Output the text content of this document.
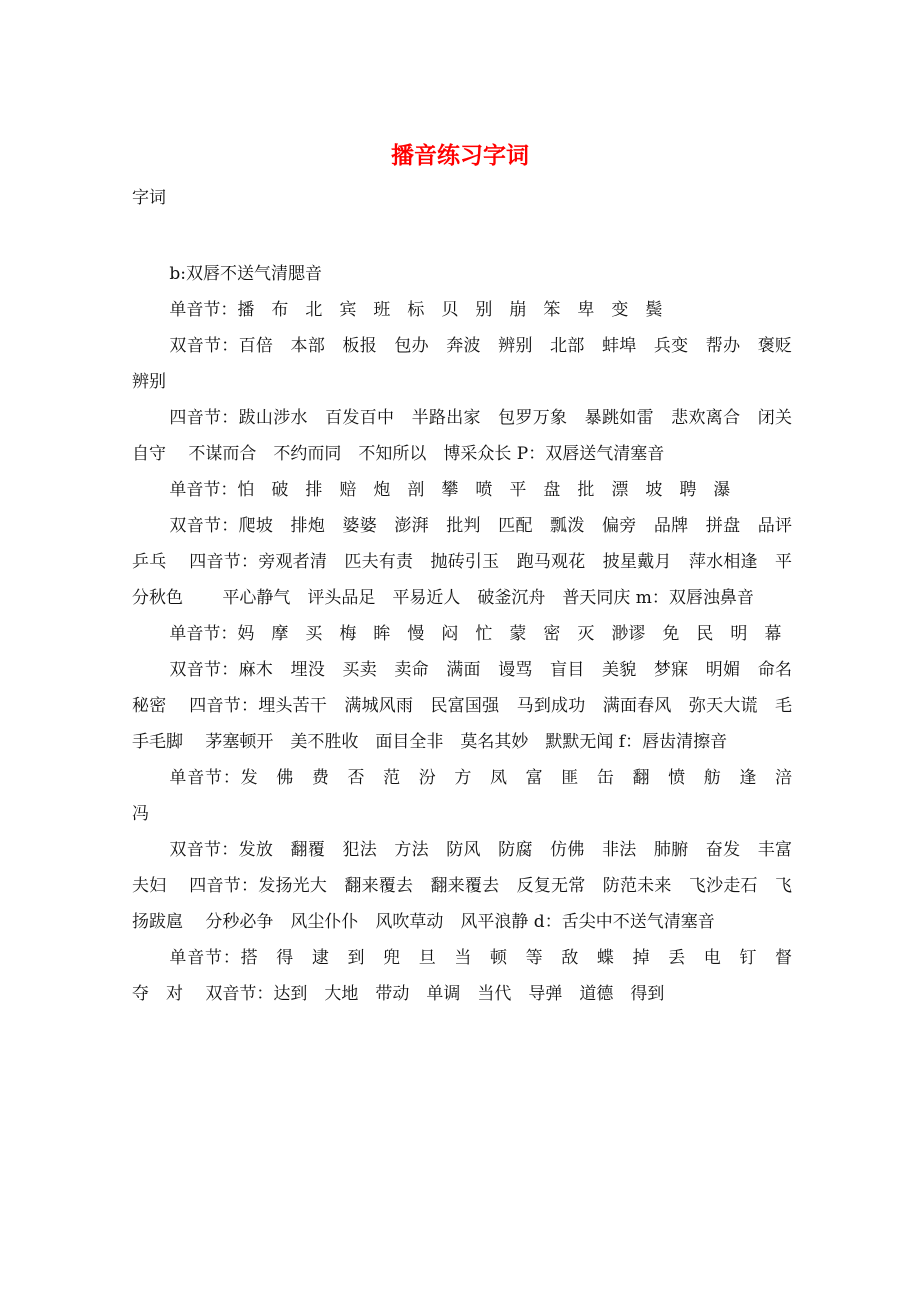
播音练习字词
字词

b:双唇不送气清腮音

单音节：播　布　北　宾　班　标　贝　别　崩　笨　卑　变　鬓

双音节：百倍　本部　板报　包办　奔波　辨别　北部　蚌埠　兵变　帮办　褒贬　辨别

四音节：跋山涉水　百发百中　半路出家　包罗万象　暴跳如雷　悲欢离合　闭关自守　 不谋而合　不约而同　不知所以　博采众长 P：双唇送气清塞音

单音节：怕　破　排　赔　炮　剖　攀　喷　平　盘　批　漂　坡　聘　瀑

双音节：爬坡　排炮　婆婆　澎湃　批判　匹配　瓢泼　偏旁　品牌　拼盘　品评　乒乓　 四音节：旁观者清　匹夫有责　抛砖引玉　跑马观花　披星戴月　萍水相逢　平分秋色　　 平心静气　评头品足　平易近人　破釜沉舟　普天同庆 m：双唇浊鼻音

单音节：妈　摩　买　梅　眸　慢　闷　忙　蒙　密　灭　渺谬　免　民　明　幕

双音节：麻木　埋没　买卖　卖命　满面　谩骂　盲目　美貌　梦寐　明媚　命名　秘密　 四音节：埋头苦干　满城风雨　民富国强　马到成功　满面春风　弥天大谎　毛手毛脚　 茅塞顿开　美不胜收　面目全非　莫名其妙　默默无闻 f：唇齿清擦音

单音节：发　佛　费　否　范　汾　方　凤　富　匪　缶　翻　愤　舫　逢　涪　冯

双音节：发放　翻覆　犯法　方法　防风　防腐　仿佛　非法　肺腑　奋发　丰富　夫妇　 四音节：发扬光大　翻来覆去　翻来覆去　反复无常　防范未来　飞沙走石　飞扬跋扈　 分秒必争　风尘仆仆　风吹草动　风平浪静 d：舌尖中不送气清塞音

单音节：搭　得　逮　到　兜　旦　当　顿　等　敌　蝶　掉　丢　电　钉　督　夺　对　 双音节：达到　大地　带动　单调　当代　导弹　道德　得到
